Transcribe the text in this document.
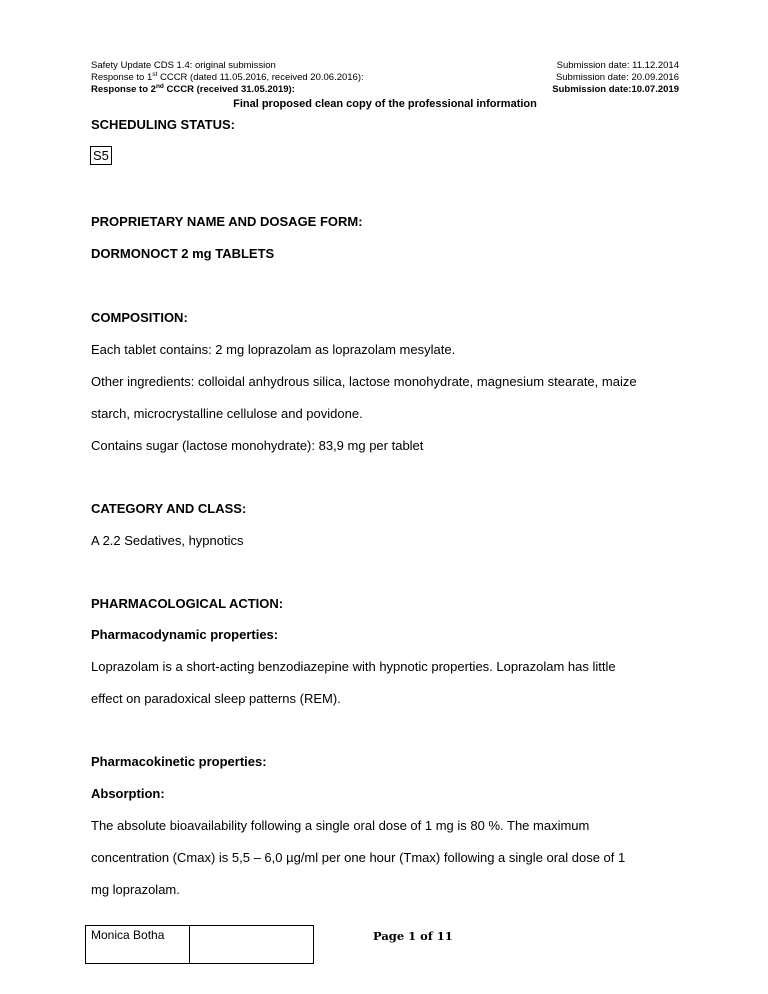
Safety Update CDS 1.4: original submission	Submission date: 11.12.2014
Response to 1st CCCR (dated 11.05.2016, received 20.06.2016):	Submission date: 20.09.2016
Response to 2nd CCCR (received 31.05.2019):	Submission date:10.07.2019
Final proposed clean copy of the professional information
SCHEDULING STATUS:
S5
PROPRIETARY NAME AND DOSAGE FORM:
DORMONOCT 2 mg TABLETS
COMPOSITION:
Each tablet contains: 2 mg loprazolam as loprazolam mesylate.
Other ingredients: colloidal anhydrous silica, lactose monohydrate, magnesium stearate, maize
starch, microcrystalline cellulose and povidone.
Contains sugar (lactose monohydrate): 83,9 mg per tablet
CATEGORY AND CLASS:
A 2.2 Sedatives, hypnotics
PHARMACOLOGICAL ACTION:
Pharmacodynamic properties:
Loprazolam is a short-acting benzodiazepine with hypnotic properties. Loprazolam has little
effect on paradoxical sleep patterns (REM).
Pharmacokinetic properties:
Absorption:
The absolute bioavailability following a single oral dose of 1 mg is 80 %. The maximum
concentration (Cmax) is 5,5 – 6,0 µg/ml per one hour (Tmax) following a single oral dose of 1
mg loprazolam.
Monica Botha		Page 1 of 11
